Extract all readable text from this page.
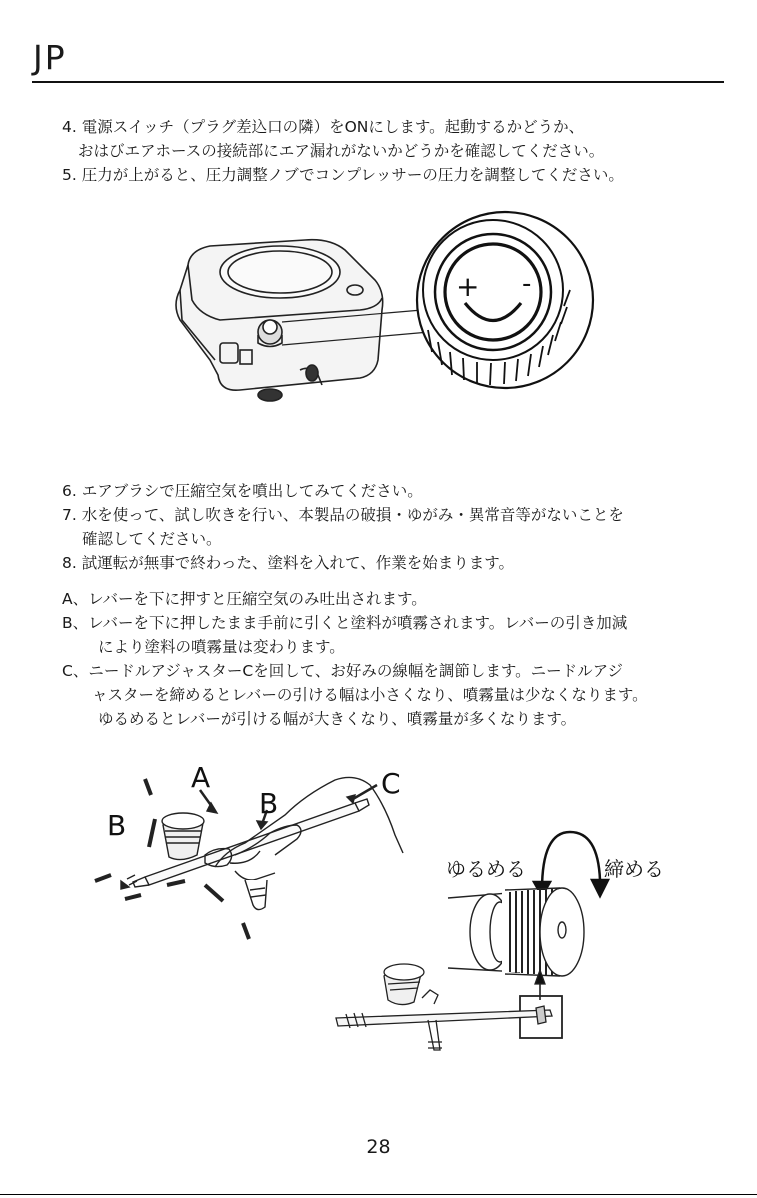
JP
4. 電源スイッチ（プラグ差込口の隣）をONにします。起動するかどうか、
おはびエアホースの接続部にエア漏れがないかどうかを確認してください。
5. 圧力が上がると、圧力調整ノブでコンプレッサーの圧力を調整してください。
+ -
6. エアブラシで圧縮空気を噴出してみてください。
7. 水を使って、試し吹きを行い、本製品の破損・ゆがみ・異常音等がないことを
確認してください。
8. 試運転が無事で終わった、塗料を入れて、作業を始まります。
A、レバーを下に押すと圧縮空気のみ吐出されます。
B、レバーを下に押したまま手前に引くと塗料が噴霧されます。レバーの引き加減
により塗料の噴霧量は変わります。
C、ニードルアジャスターCを回して、お好みの線幅を調節します。ニードルアジ
ャスターを締めるとレバーの引ける幅は小さくなり、噴霧量は少なくなります。
ゆるめるとレバーが引ける幅が大きくなり、噴霧量が多くなります。
A
B
B
C
ゆるめる	締める
28
